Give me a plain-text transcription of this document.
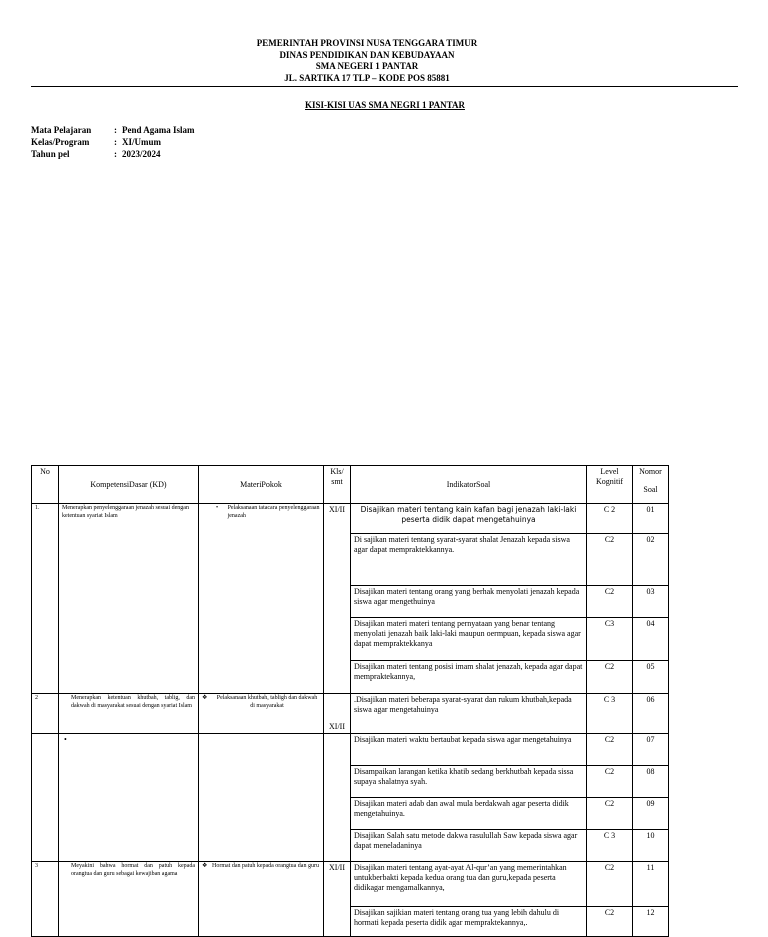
PEMERINTAH PROVINSI NUSA TENGGARA TIMUR
DINAS PENDIDIKAN DAN KEBUDAYAAN
SMA NEGERI 1 PANTAR
JL. SARTIKA 17 TLP – KODE POS 85881
KISI-KISI UAS SMA NEGRI 1 PANTAR
Mata Pelajaran	: Pend Agama Islam
Kelas/Program	: XI/Umum
Tahun pel	: 2023/2024
No	KompetensiDasar (KD)	MateriPokok	Kls/ smt	IndikatorSoal	Level Kognitif	Nomor
Soal

1.	Menerapkan penyelenggaraan jenazah sesuai dengan ketentuan syariat Islam	• Pelaksanaan tatacara penyelenggaraan jenazah	XI/II	Disajikan materi tentang kain kafan bagi jenazah laki-laki peserta didik dapat mengetahuinya	C 2	01
				Di sajikan materi tentang syarat-syarat shalat Jenazah kepada siswa agar dapat mempraktekkannya.	C2	02
				Disajikan materi tentang orang yang berhak menyolati jenazah kepada siswa agar mengethuinya	C2	03
				Disajikan materi materi tentang pernyataan yang benar tentang menyolati jenazah baik laki-laki maupun oermpuan, kepada siswa agar dapat mempraktekkanya	C3	04
				Disajikan materi tentang posisi imam shalat jenazah, kepada agar dapat mempraktekannya,	C2	05
2	Menerapkan ketentuan khutbah, tablig, dan dakwah di masyarakat sesuai dengan syariat Islam	❖ Pelaksanaan khutbah, tabligh dan dakwah di masyarakat	XI/II	.Disajikan materi beberapa syarat-syarat dan rukum khutbah,kepada siswa agar mengetahuinya	C 3	06
	•			Disajikan materi waktu bertaubat kepada siswa agar mengetahuinya	C2	07
				Disampaikan larangan ketika khatib sedang berkhutbah kepada sissa supaya shalatnya syah.	C2	08
				Disajikan materi adab dan awal mula berdakwah agar peserta didik mengetahuinya.	C2	09
				Disajikan Salah satu metode dakwa rasulullah Saw kepada siswa agar dapat meneladaninya	C 3	10
3	Meyakini bahwa hormat dan patuh kepada orangtua dan guru sebagai kewajiban agama	❖ Hormat dan patuh kepada orangtua dan guru	XI/II	Disajikan materi tentang ayat-ayat Al-qur’an yang memerintahkan untukberbakti kepada kedua orang tua dan guru,kepada peserta didikagar mengamalkannya,	C2	11
				Disajikan sajikian materi tentang orang tua yang lebih dahulu di hormati kepada peserta didik agar mempraktekannya,.	C2	12
